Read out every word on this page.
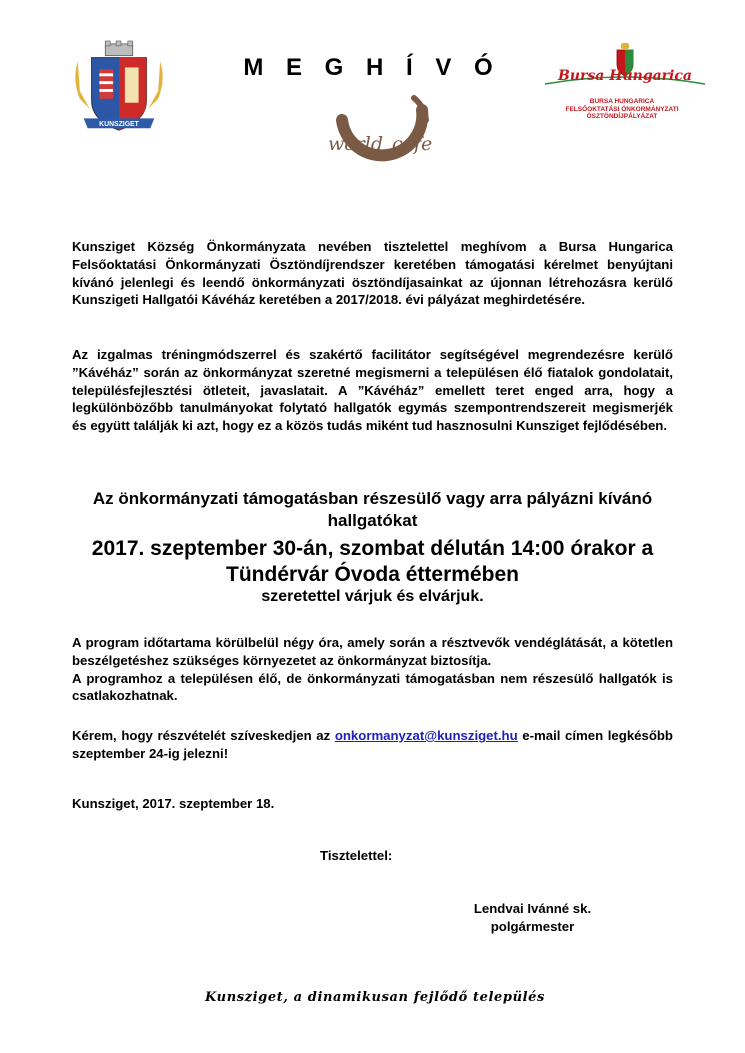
KUNSZIGET
M E G H Í V Ó
world cafe
Bursa Hungarica
BURSA HUNGARICA
FELSŐOKTATÁSI ÖNKORMÁNYZATI ÖSZTÖNDÍJPÁLYÁZAT
Kunsziget Község Önkormányzata nevében tisztelettel meghívom a Bursa Hungarica Felsőoktatási Önkormányzati Ösztöndíjrendszer keretében támogatási kérelmet benyújtani kívánó jelenlegi és leendő önkormányzati ösztöndíjasainkat az újonnan létrehozásra kerülő Kunszigeti Hallgatói Kávéház keretében a 2017/2018. évi pályázat meghirdetésére.
Az izgalmas tréningmódszerrel és szakértő facilitátor segítségével megrendezésre kerülő ”Kávéház” során az önkormányzat szeretné megismerni a településen élő fiatalok gondolatait, településfejlesztési ötleteit, javaslatait. A ”Kávéház” emellett teret enged arra, hogy a legkülönbözőbb tanulmányokat folytató hallgatók egymás szempontrendszereit megismerjék és együtt találják ki azt, hogy ez a közös tudás miként tud hasznosulni Kunsziget fejlődésében.
Az önkormányzati támogatásban részesülő vagy arra pályázni kívánó hallgatókat
2017. szeptember 30-án, szombat délután 14:00 órakor a Tündérvár Óvoda éttermében
szeretettel várjuk és elvárjuk.
A program időtartama körülbelül négy óra, amely során a résztvevők vendéglátását, a kötetlen beszélgetéshez szükséges környezetet az önkormányzat biztosítja.
A programhoz a településen élő, de önkormányzati támogatásban nem részesülő hallgatók is csatlakozhatnak.
Kérem, hogy részvételét szíveskedjen az onkormanyzat@kunsziget.hu e-mail címen legkésőbb szeptember 24-ig jelezni!
Kunsziget, 2017. szeptember 18.
Tisztelettel:
Lendvai Ivánné sk.
polgármester
Kunsziget, a dinamikusan fejlődő település
